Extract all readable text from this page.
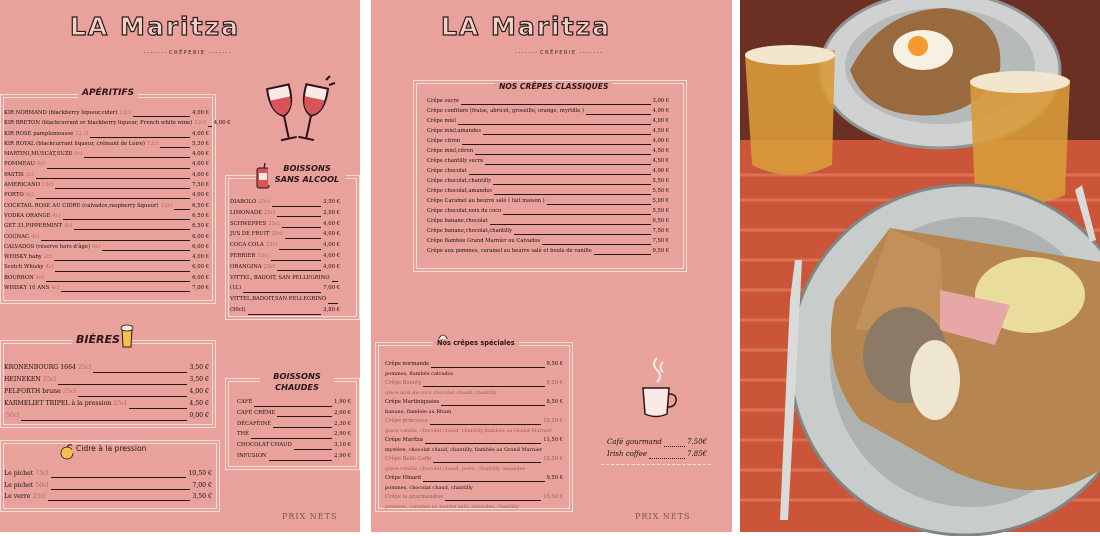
LA Maritza
- - - CRÊPERIE - - -
APÉRITIFS
KIR NORMAND (blackberry liqueur,cider) 12cl	4,00 €
KIR BRETON (blackcurrant or blackberry liqueur, French white wine) 12cl 4,00 €
KIR ROSE pamplemousse 12 cl	4,00 €
KIR ROYAL (blackcurrant liqueur, crémant de Loire) 12cl	5,30 €
MARTINI,MUSCAT,SUZE 6cl	4,00 €
POMMEAU 6cl	4,00 €
PASTIS 2cl	4,00 €
AMERICANO 15cl	7,50 €
PORTO 6cl	4,00 €
COCKTAIL ROSE AU CIDRE (calvados,raspberry liqueur) 12cl	6,50 €
VODKA ORANGE 4cl	6,50 €
GET 31,PIPPERMINT 4cl	6,50 €
COGNAC 4cl	6,00 €
CALVADOS (réserve hors d'âge) 4cl	6,00 €
WHISKY baby 2cl	4,00 €
Scotch Whisky 4cl	6,00 €
BOURBON 4cl	6,00 €
WHISKY 10 ANS 4cl	7,00 €
BOISSONS
SANS ALCOOL
DIABOLO 25cl	3,50 €
LIMONADE 25cl	2,50 €
SCHWEPPES 25cl	4,00 €
JUS DE FRUIT 25cl	4,00 €
COCA COLA 33cl	4,00 €
PERRIER 33cl	4,00 €
ORANGINA 25cl	4,00 €
VITTEL, BADOIT, SAN PELLEGRINO
(1L)	7,00 €
VITTEL,BADOIT,SAN PELLEGRINO
(50cl)	3,80 €
BIÈRES
KRONENBOURG 1664 25cl	3,50 €
HEINEKEN 25cl	3,50 €
PELFORTH brune 25cl	4,00 €
KARMELIET TRIPEL à la pression 25cl	4,50 €
50cl	9,00 €
BOISSONS
CHAUDES
CAFÉ	1,90 €
CAFÉ CRÈME	2,60 €
DÉCAFÉINÉ	2,30 €
THÉ	2,90 €
CHOCOLAT CHAUD	3,10 €
INFUSION	2,90 €
Cidre à la pression
Le pichet 75cl	10,50 €
Le pichet 50cl	7,00 €
Le verre 25cl	3,50 €
PRIX NETS
LA Maritza
- - - CRÊPERIE - - -
NOS CRÊPES CLASSIQUES
Crêpe sucre	3,00 €
Crêpe confiture (fraise, abricot, groseille, orange, myrtille )	4,00 €
Crêpe miel	4,00 €
Crêpe miel,amandes	4,50 €
Crêpe citron	4,00 €
Crêpe miel,citron	4,50 €
Crêpe chantilly sucre	4,50 €
Crêpe chocolat	4,00 €
Crêpe chocolat,chantilly	5,50 €
Crêpe chocolat,amandes	5,50 €
Crêpe Caramel au beurre salé ( fait maison )	5,00 €
Crêpe chocolat,noix de coco	5,50 €
Crêpe banane,chocolat	6,50 €
Crêpe banane,chocolat,chantilly	7,50 €
Crêpe flambée Grand Marnier ou Calvados	7,50 €
Crêpe aux pommes, caramel au beurre salé et boule de vanille	9,50 €
Nos crêpes spéciales
Crêpe normande	9,50 €
pommes, flambée calvados
Crêpe Bounty	8,50 €
glace noix de coco chocolat chaud, chantilly
Crêpe Martiniquaise	8,50 €
banane, flambée au Rhum
Crêpe princesse	10,50 €
glace vanille, chocolat chaud, chantilly,flambée au Grand Marnier
Crêpe Maritza	11,50 €
mystère, chocolat chaud, chantilly, flambée au Grand Marnier
Crêpe Belle Coffe	10,50 €
glace vanille, chocolat chaud, poire, chantilly, amandes
Crêpe Hinard	9,50 €
pommes, chocolat chaud, chantilly
Crêpe la gourmandise	10,50 €
pommes, caramel au beurre salé, amandes, chantilly
Café gourmand	7.50€
Irish coffee	7.85€
PRIX NETS
